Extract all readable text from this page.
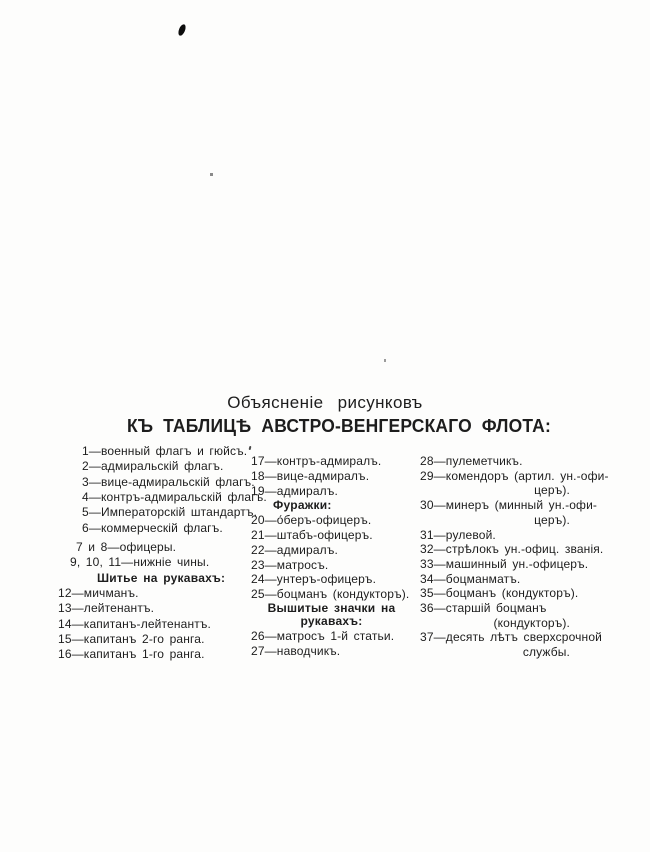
Объясненіе рисунковъ
КЪ ТАБЛИЦѢ АВСТРО-ВЕНГЕРСКАГО ФЛОТА:
1—военный флагъ и гюйсъ.
2—адмиральскій флагъ.
3—вице-адмиральскій флагъ.
4—контръ-адмиральскій флагъ.
5—Императорскій штандартъ.
6—коммерческій флагъ.
7 и 8—офицеры.
9, 10, 11—нижніе чины.
Шитье на рукавахъ:
12—мичманъ.
13—лейтенантъ.
14—капитанъ-лейтенантъ.
15—капитанъ 2-го ранга.
16—капитанъ 1-го ранга.
17—контръ-адмиралъ.
18—вице-адмиралъ.
19—адмиралъ.
Фуражки:
20—о́беръ-офицеръ.
21—штабъ-офицеръ.
22—адмиралъ.
23—матросъ.
24—унтеръ-офицеръ.
25—боцманъ (кондукторъ).
Вышитые значки на
рукавахъ:
26—матросъ 1-й статьи.
27—наводчикъ.
28—пулеметчикъ.
29—комендоръ (артил. ун.-офи-
церъ).
30—минеръ (минный ун.-офи-
церъ).
31—рулевой.
32—стрѣлокъ ун.-офиц. званія.
33—машинный ун.-офицеръ.
34—боцманматъ.
35—боцманъ (кондукторъ).
36—старшій боцманъ
(кондукторъ).
37—десять лѣтъ сверхсрочной
службы.
